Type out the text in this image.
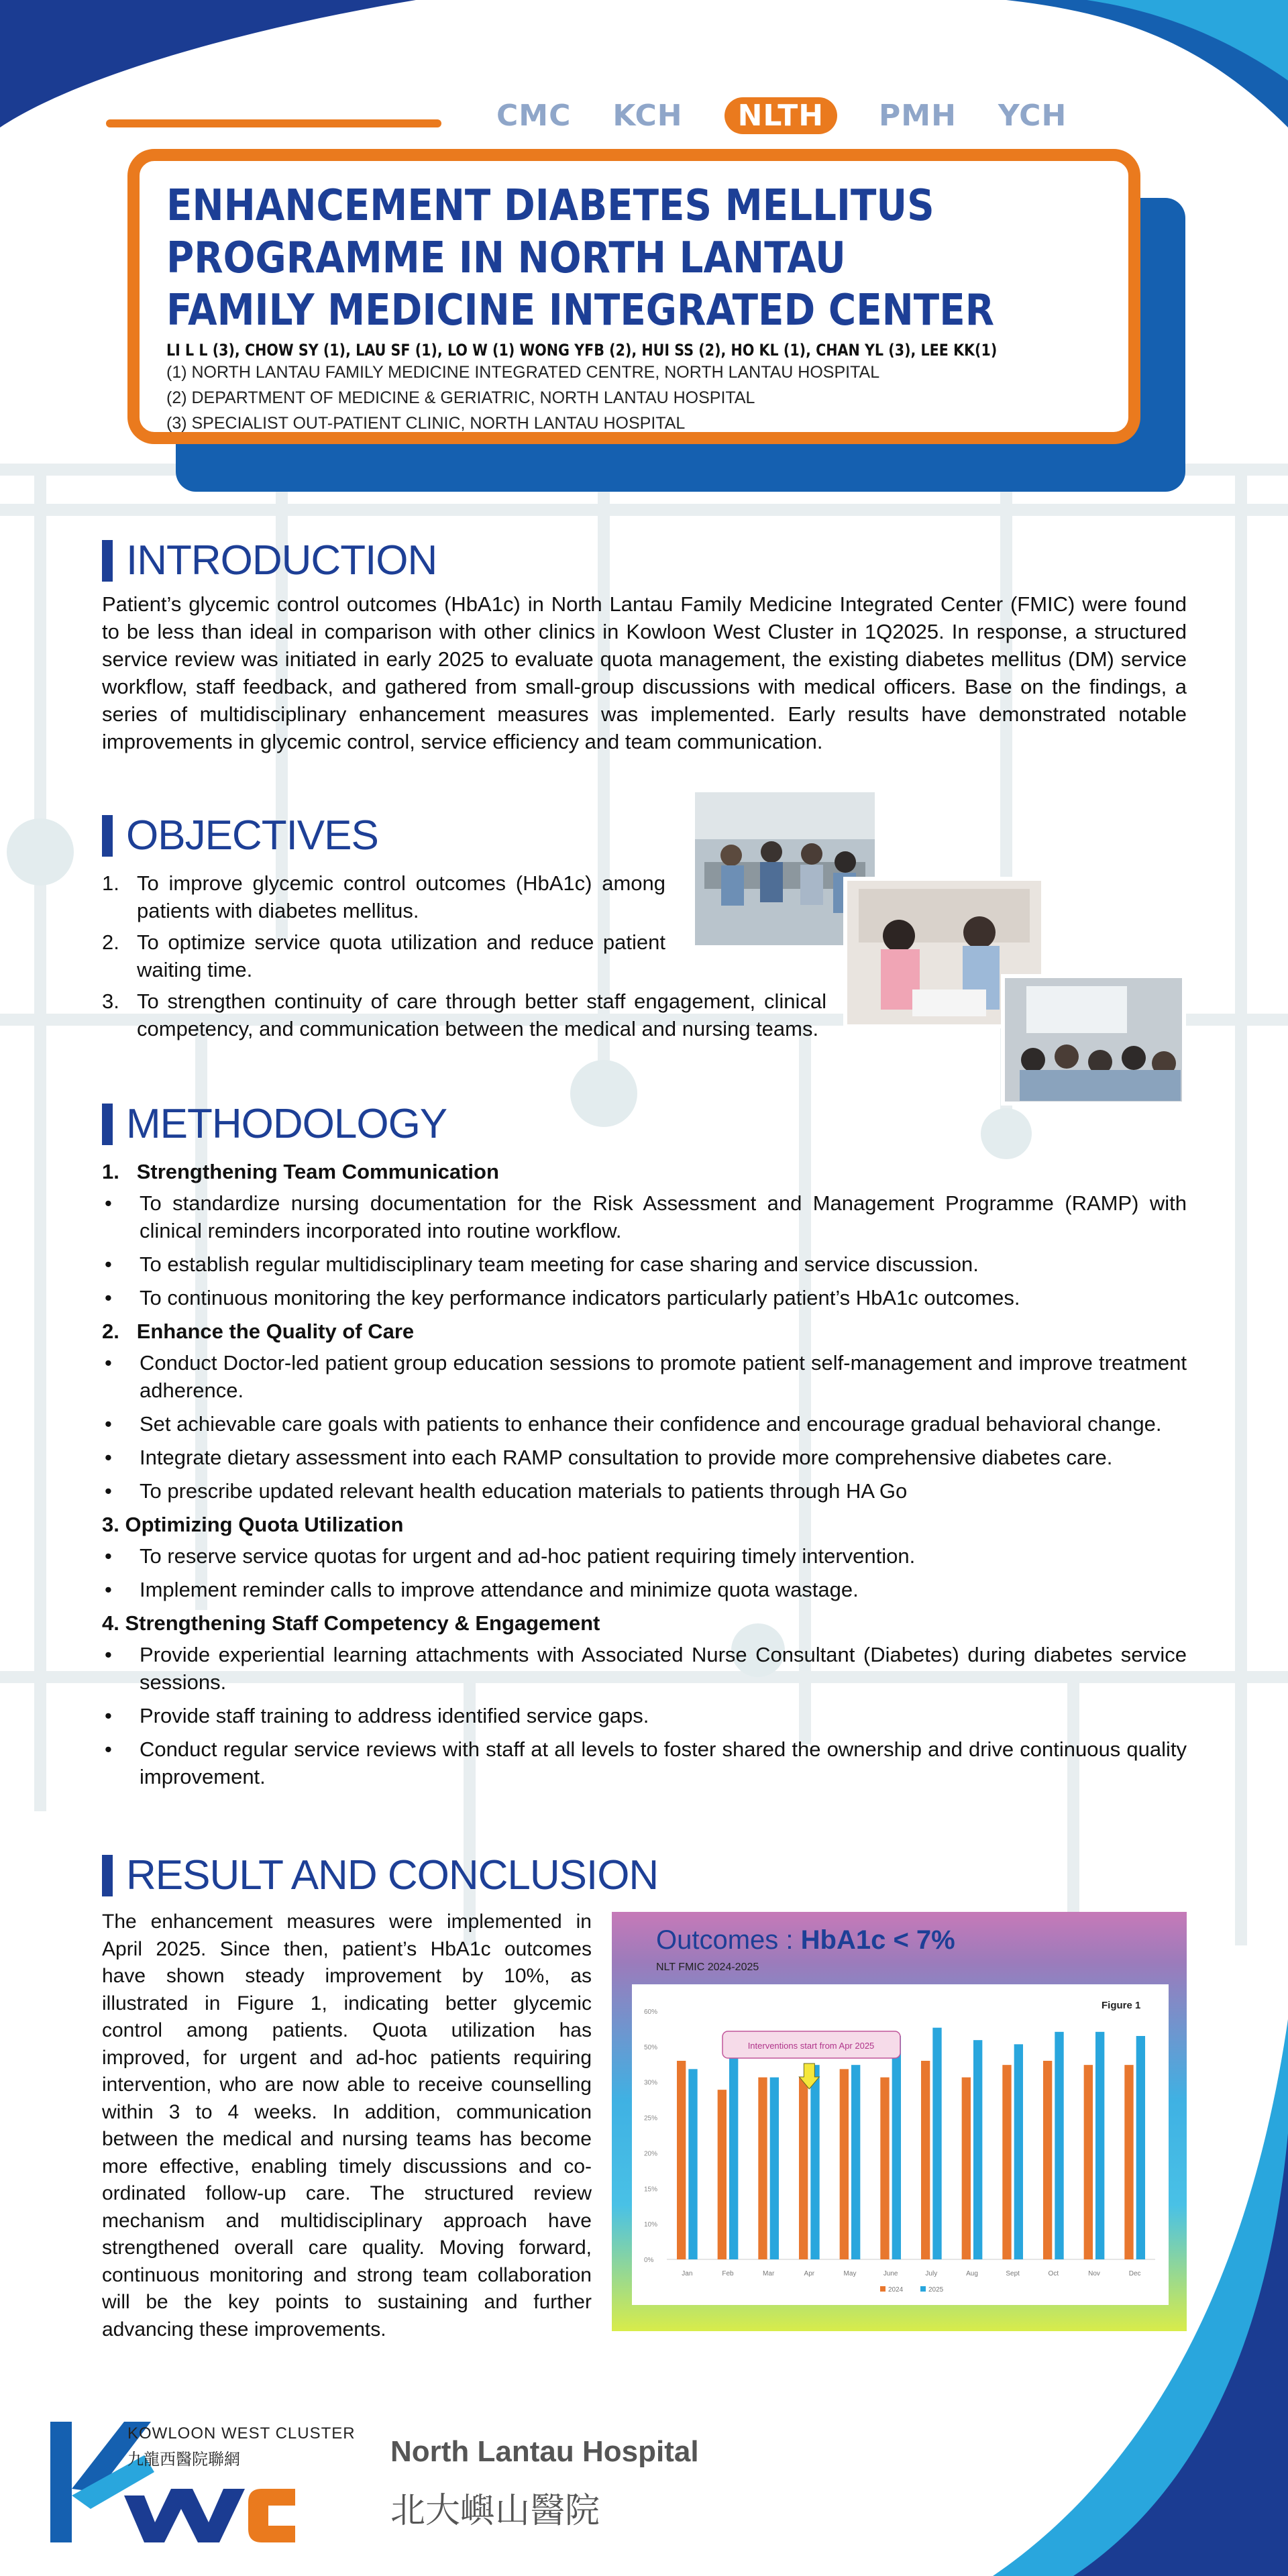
CMC KCH	NLTH	PMH YCH
ENHANCEMENT DIABETES MELLITUS
PROGRAMME IN NORTH LANTAU
FAMILY MEDICINE INTEGRATED CENTER
LI L L (3), CHOW SY (1), LAU SF (1), LO W (1) WONG YFB (2), HUI SS (2), HO KL (1), CHAN YL (3), LEE KK(1)
(1) NORTH LANTAU FAMILY MEDICINE INTEGRATED CENTRE, NORTH LANTAU HOSPITAL
(2) DEPARTMENT OF MEDICINE & GERIATRIC, NORTH LANTAU HOSPITAL
(3) SPECIALIST OUT-PATIENT CLINIC, NORTH LANTAU HOSPITAL
INTRODUCTION
Patient’s glycemic control outcomes (HbA1c) in North Lantau Family Medicine Integrated Center (FMIC) were found to be less than ideal in comparison with other clinics in Kowloon West Cluster in 1Q2025. In response, a structured service review was initiated in early 2025 to evaluate quota management, the existing diabetes mellitus (DM) service workflow, staff feedback, and gathered from small-group discussions with medical officers. Base on the findings, a series of multidisciplinary enhancement measures was implemented. Early results have demonstrated notable improvements in glycemic control, service efficiency and team communication.
OBJECTIVES
1. To improve glycemic control outcomes (HbA1c) among patients with diabetes mellitus.
2. To optimize service quota utilization and reduce patient waiting time.
3. To strengthen continuity of care through better staff engagement, clinical competency, and communication between the medical and nursing teams.
METHODOLOGY
1.   Strengthening Team Communication
•	To standardize nursing documentation for the Risk Assessment and Management Programme (RAMP) with clinical reminders incorporated into routine workflow.
•	To establish regular multidisciplinary team meeting for case sharing and service discussion.
•	To continuous monitoring the key performance indicators particularly patient’s HbA1c outcomes.
2.   Enhance the Quality of Care
•	Conduct Doctor-led patient group education sessions to promote patient self-management and improve treatment adherence.
•	Set achievable care goals with patients to enhance their confidence and encourage gradual behavioral change.
•	Integrate dietary assessment into each RAMP consultation to provide more comprehensive diabetes care.
•	To prescribe updated relevant health education materials to patients through HA Go
3. Optimizing Quota Utilization
•	To reserve service quotas for urgent and ad-hoc patient requiring timely intervention.
•	Implement reminder calls to improve attendance and minimize quota wastage.
4. Strengthening Staff Competency & Engagement
•	Provide experiential learning attachments with Associated Nurse Consultant (Diabetes) during diabetes service sessions.
•	Provide staff training to address identified service gaps.
•	Conduct regular service reviews with staff at all levels to foster shared the ownership and drive continuous quality improvement.
RESULT AND CONCLUSION
The enhancement measures were implemented in April 2025. Since then, patient’s HbA1c outcomes have shown steady improvement by 10%, as illustrated in Figure 1, indicating better glycemic control among patients. Quota utilization has improved, for urgent and ad-hoc patients requiring intervention, who are now able to receive counselling within 3 to 4 weeks. In addition, communication between the medical and nursing teams has become more effective, enabling timely discussions and co-ordinated follow-up care. The structured review mechanism and multidisciplinary approach have strengthened overall care quality. Moving forward, continuous monitoring and strong team collaboration will be the key points to sustaining and further advancing these improvements.
Outcomes : HbA1c < 7%
NLT FMIC 2024-2025
Figure 1
0%
10%
15%
20%
25%
30%
50%
60%
Jan	Feb	Mar	Apr	May	June	July	Aug	Sept	Oct	Nov	Dec
Interventions start from Apr 2025
2024	2025
KOWLOON WEST CLUSTER
九龍西醫院聯網	North Lantau Hospital
北大嶼山醫院
